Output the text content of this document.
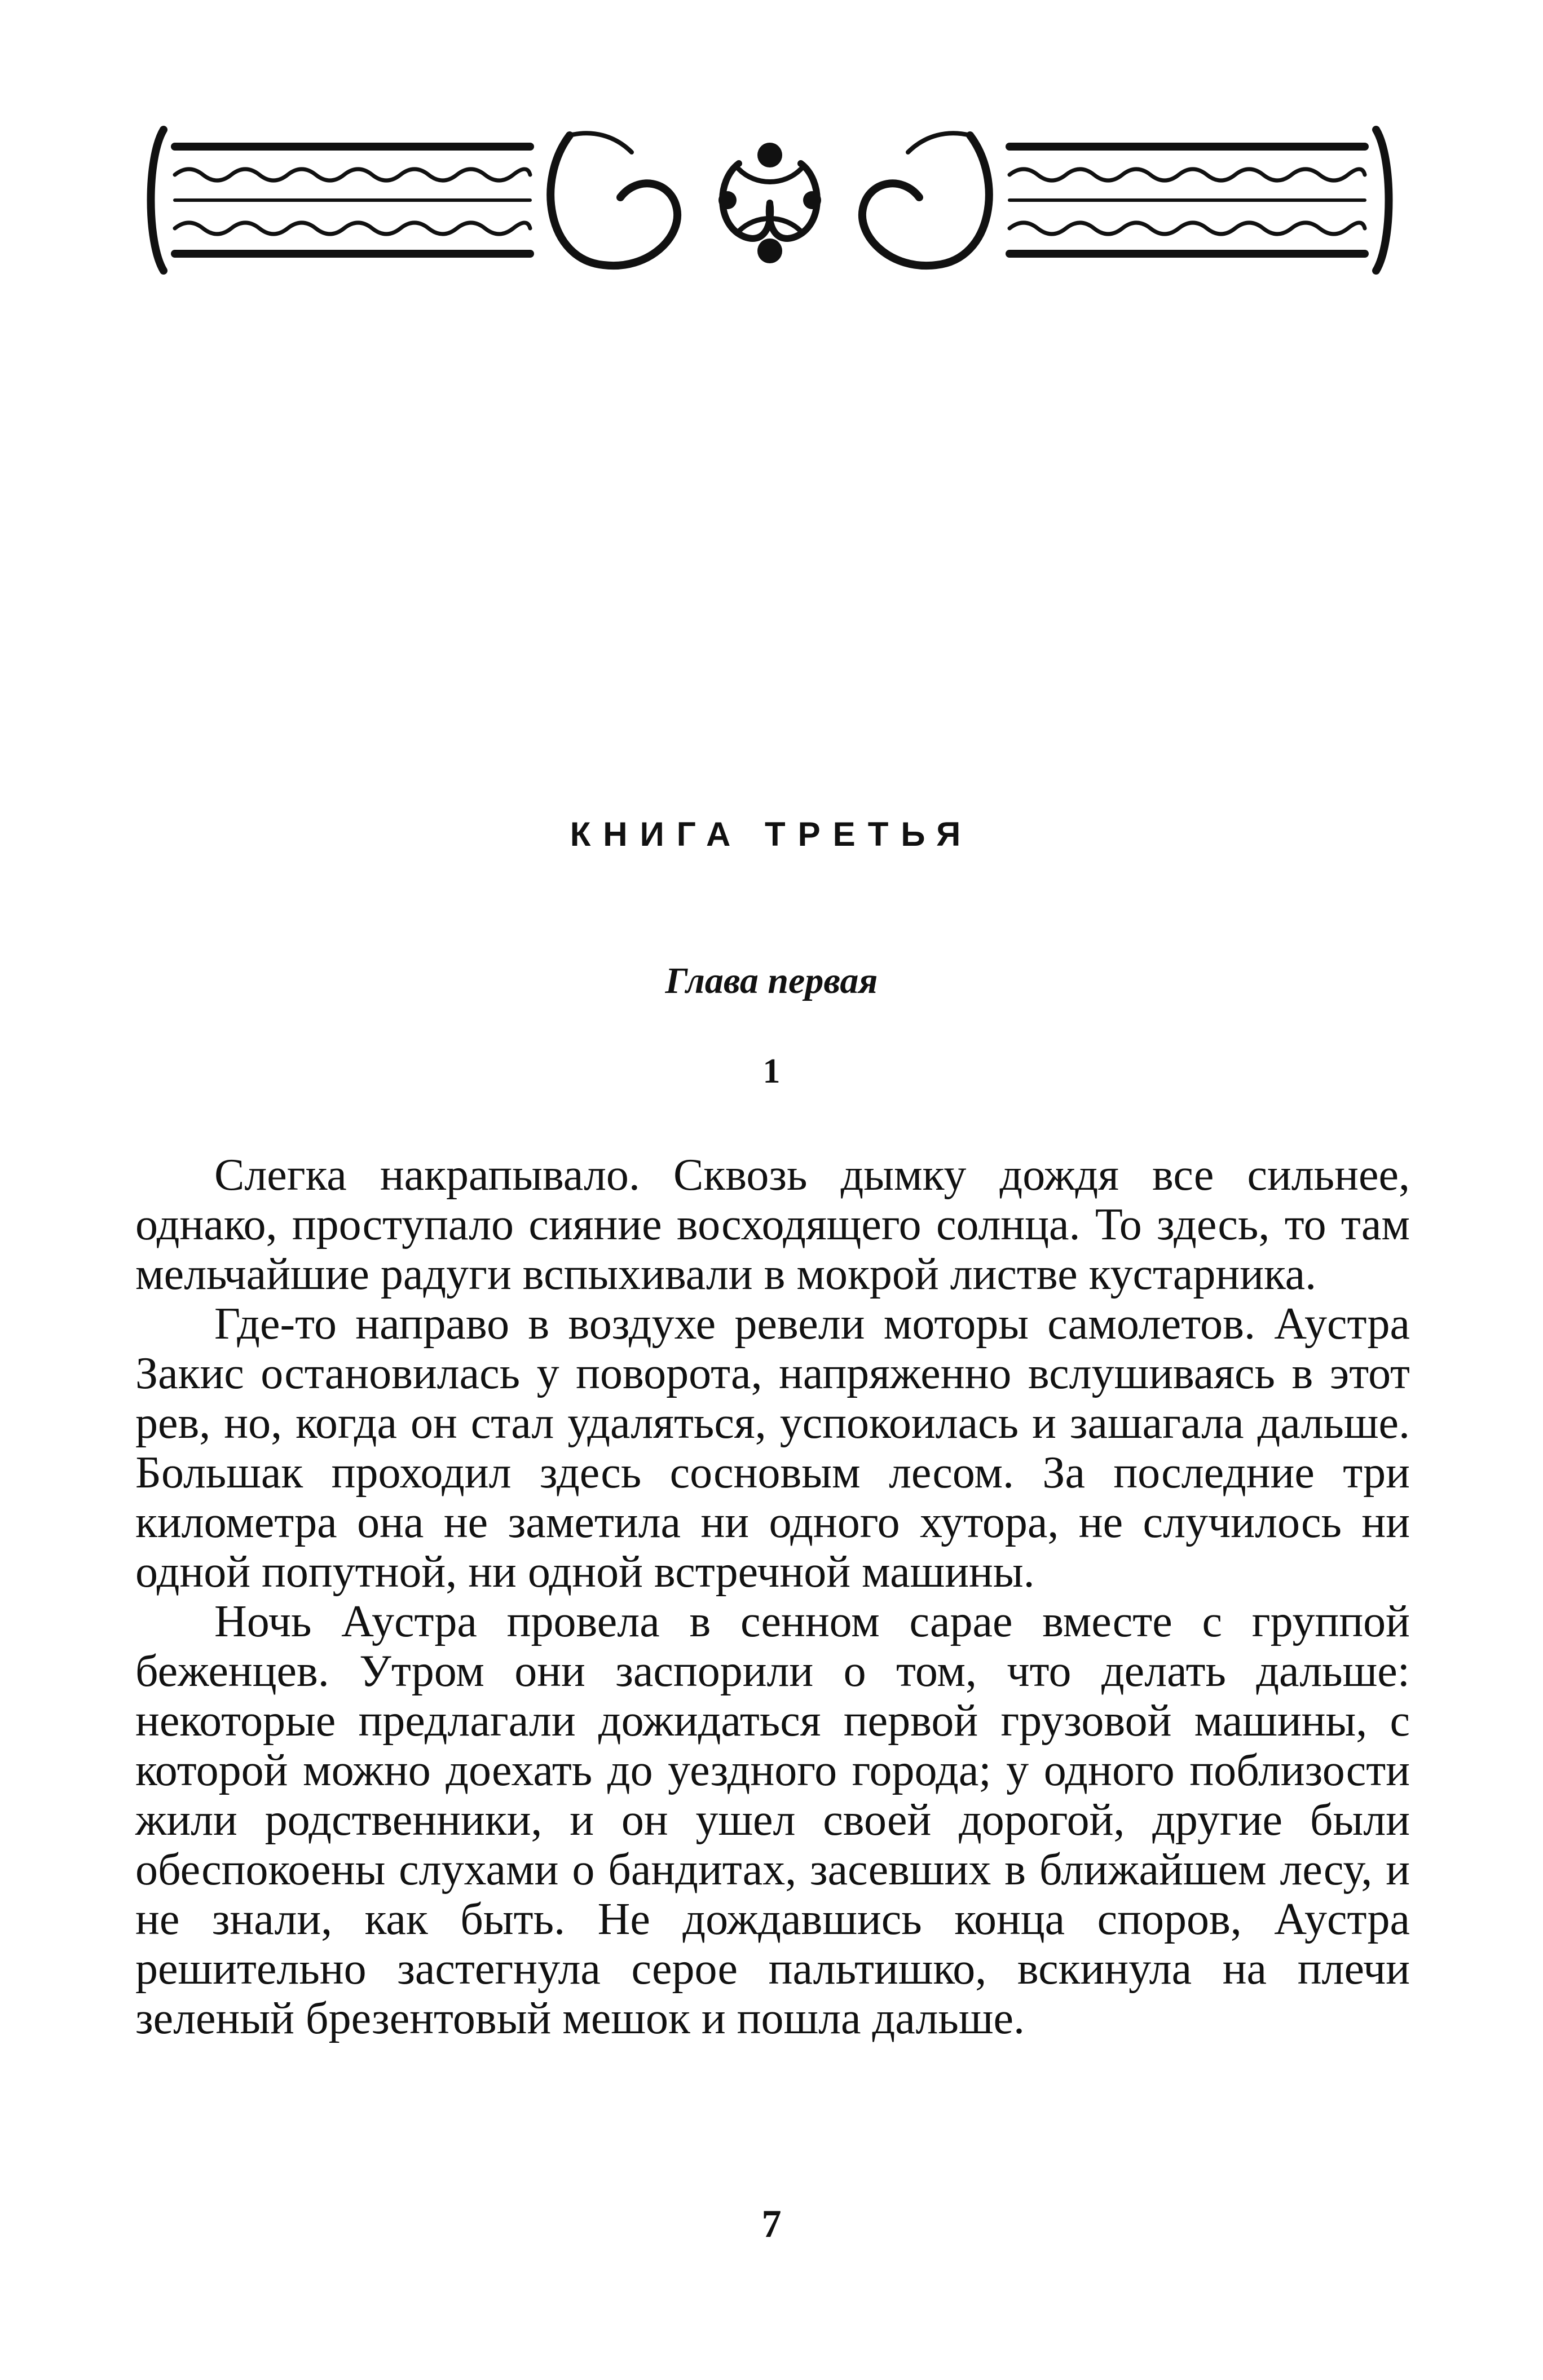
КНИГА ТРЕТЬЯ
Глава первая
1

Слегка накрапывало. Сквозь дымку дождя все сильнее, однако, проступало сияние восходящего солнца. То здесь, то там мельчайшие радуги вспыхивали в мокрой листве кустарника.

Где-то направо в воздухе ревели моторы самолетов. Аустра Закис остановилась у поворота, напряженно вслушиваясь в этот рев, но, когда он стал удаляться, успокоилась и зашагала дальше. Большак проходил здесь сосновым лесом. За последние три километра она не заметила ни одного хутора, не случилось ни одной попутной, ни одной встречной машины.

Ночь Аустра провела в сенном сарае вместе с группой беженцев. Утром они заспорили о том, что делать дальше: некоторые предлагали дожидаться первой грузовой машины, с которой можно доехать до уездного города; у одного поблизости жили родственники, и он ушел своей дорогой, другие были обеспокоены слухами о бандитах, засевших в ближайшем лесу, и не знали, как быть. Не дождавшись конца споров, Аустра решительно застегнула серое пальтишко, вскинула на плечи зеленый брезентовый мешок и пошла дальше.

7
